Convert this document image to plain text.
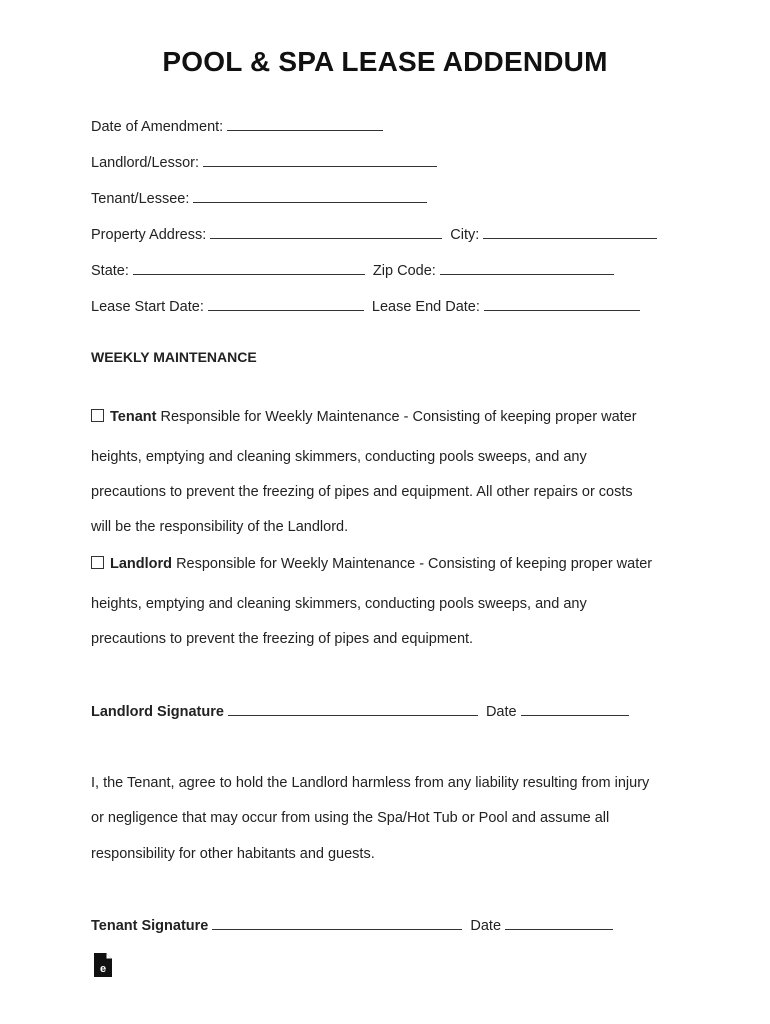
POOL & SPA LEASE ADDENDUM
Date of Amendment:
Landlord/Lessor:
Tenant/Lessee:
Property Address:	City:
State:	Zip Code:
Lease Start Date:	Lease End Date:
WEEKLY MAINTENANCE
Tenant Responsible for Weekly Maintenance - Consisting of keeping proper water
heights, emptying and cleaning skimmers, conducting pools sweeps, and any
precautions to prevent the freezing of pipes and equipment. All other repairs or costs
will be the responsibility of the Landlord.
Landlord Responsible for Weekly Maintenance - Consisting of keeping proper water
heights, emptying and cleaning skimmers, conducting pools sweeps, and any
precautions to prevent the freezing of pipes and equipment.
Landlord Signature	Date
I, the Tenant, agree to hold the Landlord harmless from any liability resulting from injury
or negligence that may occur from using the Spa/Hot Tub or Pool and assume all
responsibility for other habitants and guests.
Tenant Signature	Date
e
